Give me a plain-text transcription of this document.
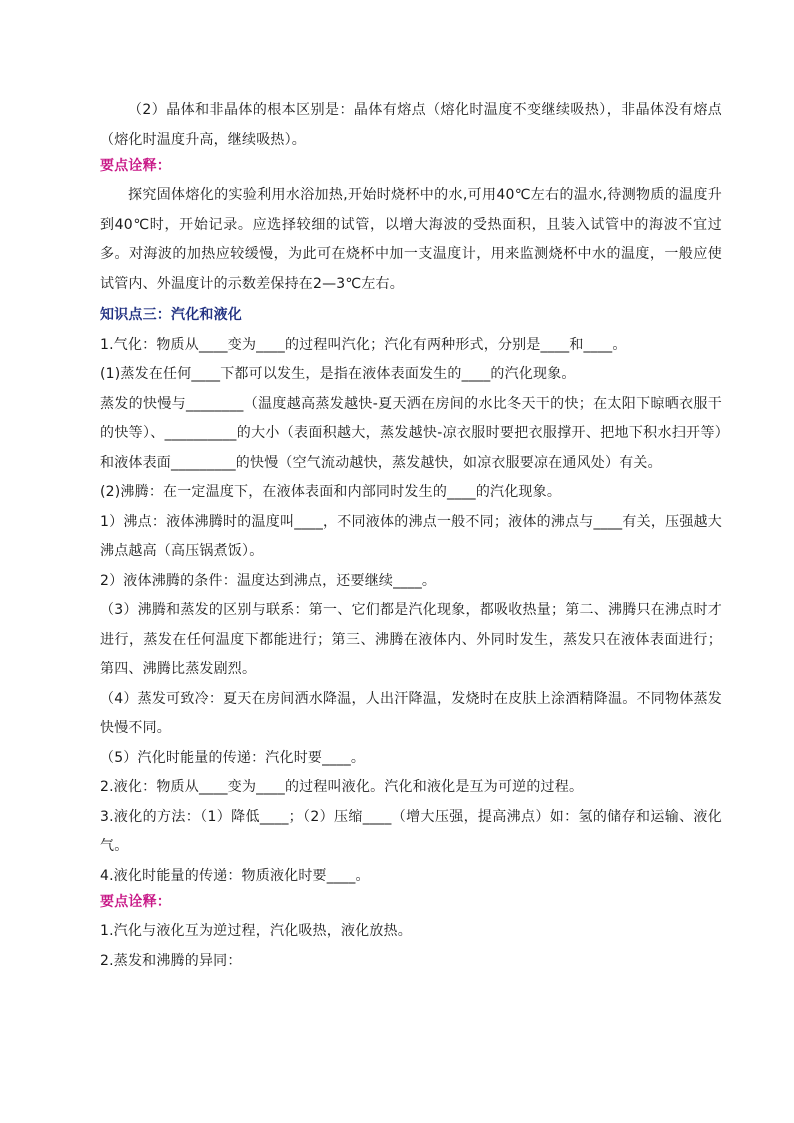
（2）晶体和非晶体的根本区别是：晶体有熔点（熔化时温度不变继续吸热），非晶体没有熔点（熔化时温度升高，继续吸热）。

要点诠释：

探究固体熔化的实验利用水浴加热,开始时烧杯中的水,可用40℃左右的温水,待测物质的温度升到40℃时，开始记录。应选择较细的试管，以增大海波的受热面积，且装入试管中的海波不宜过多。对海波的加热应较缓慢，为此可在烧杯中加一支温度计，用来监测烧杯中水的温度，一般应使试管内、外温度计的示数差保持在2—3℃左右。

知识点三：汽化和液化

1.气化：物质从____变为____的过程叫汽化；汽化有两种形式，分别是____和____。

(1)蒸发在任何____下都可以发生，是指在液体表面发生的____的汽化现象。

蒸发的快慢与________（温度越高蒸发越快-夏天洒在房间的水比冬天干的快；在太阳下晾晒衣服干的快等）、__________的大小（表面积越大，蒸发越快-凉衣服时要把衣服撑开、把地下积水扫开等）和液体表面_________的快慢（空气流动越快，蒸发越快，如凉衣服要凉在通风处）有关。

(2)沸腾：在一定温度下，在液体表面和内部同时发生的____的汽化现象。

1）沸点：液体沸腾时的温度叫____，不同液体的沸点一般不同；液体的沸点与____有关，压强越大沸点越高（高压锅煮饭）。

2）液体沸腾的条件：温度达到沸点，还要继续____。

（3）沸腾和蒸发的区别与联系：第一、它们都是汽化现象，都吸收热量；第二、沸腾只在沸点时才进行，蒸发在任何温度下都能进行；第三、沸腾在液体内、外同时发生，蒸发只在液体表面进行；第四、沸腾比蒸发剧烈。

（4）蒸发可致冷：夏天在房间洒水降温，人出汗降温，发烧时在皮肤上涂酒精降温。不同物体蒸发快慢不同。

（5）汽化时能量的传递：汽化时要____。

2.液化：物质从____变为____的过程叫液化。汽化和液化是互为可逆的过程。

3.液化的方法：（1）降低____；（2）压缩____（增大压强，提高沸点）如：氢的储存和运输、液化气。

4.液化时能量的传递：物质液化时要____。

要点诠释：

1.汽化与液化互为逆过程，汽化吸热，液化放热。

2.蒸发和沸腾的异同：
